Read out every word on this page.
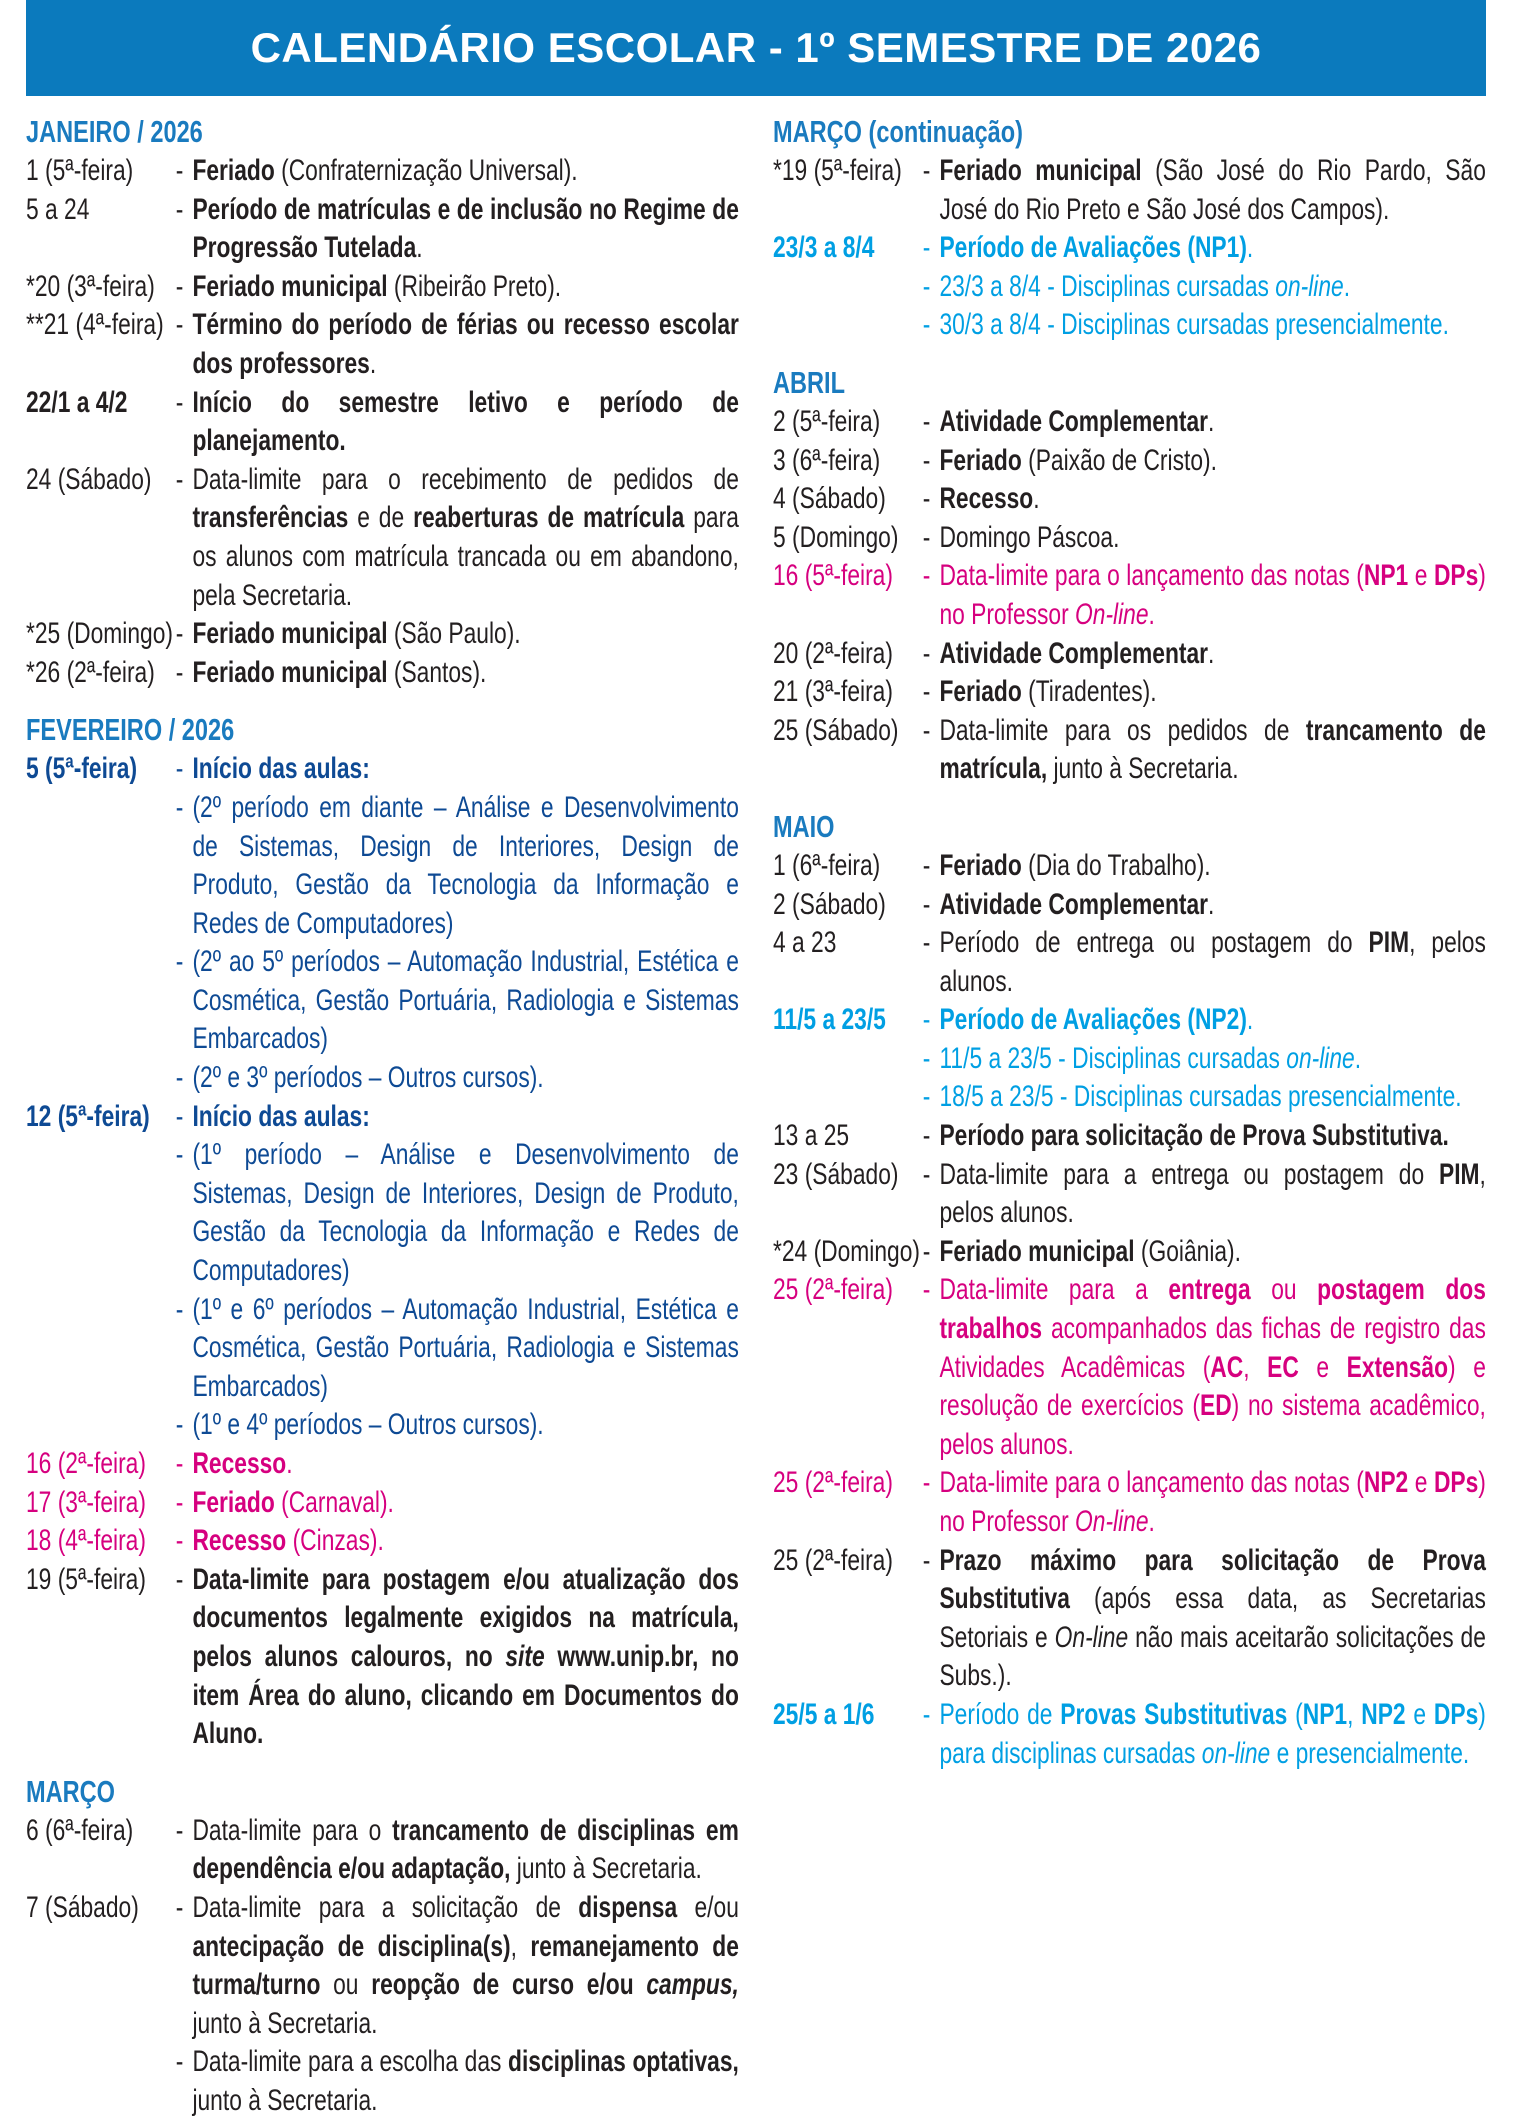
CALENDÁRIO ESCOLAR - 1º SEMESTRE DE 2026
JANEIRO / 2026
1 (5ª-feira)	- Feriado (Confraternização Universal).
5 a 24	- Período de matrículas e de inclusão no Regime de Progressão Tutelada.
*20 (3ª-feira) - Feriado municipal (Ribeirão Preto).
**21 (4ª-feira) - Término do período de férias ou recesso escolar dos professores.
22/1 a 4/2	- Início do semestre letivo e período de planejamento.
24 (Sábado) - Data-limite para o recebimento de pedidos de transferências e de reaberturas de matrícula para os alunos com matrícula trancada ou em abandono, pela Secretaria.
*25 (Domingo) - Feriado municipal (São Paulo).
*26 (2ª-feira) - Feriado municipal (Santos).
FEVEREIRO / 2026
5 (5ª-feira)	- Início das aulas:
- (2º período em diante – Análise e Desenvolvimento de Sistemas, Design de Interiores, Design de Produto, Gestão da Tecnologia da Informação e Redes de Computadores)
- (2º ao 5º períodos – Automação Industrial, Estética e Cosmética, Gestão Portuária, Radiologia e Sistemas Embarcados)
- (2º e 3º períodos – Outros cursos).
12 (5ª-feira) - Início das aulas:
- (1º período – Análise e Desenvolvimento de Sistemas, Design de Interiores, Design de Produto, Gestão da Tecnologia da Informação e Redes de Computadores)
- (1º e 6º períodos – Automação Industrial, Estética e Cosmética, Gestão Portuária, Radiologia e Sistemas Embarcados)
- (1º e 4º períodos – Outros cursos).
16 (2ª-feira) - Recesso.
17 (3ª-feira) - Feriado (Carnaval).
18 (4ª-feira) - Recesso (Cinzas).
19 (5ª-feira) - Data-limite para postagem e/ou atualização dos documentos legalmente exigidos na matrícula, pelos alunos calouros, no site www.unip.br, no item Área do aluno, clicando em Documentos do Aluno.
MARÇO
6 (6ª-feira)	- Data-limite para o trancamento de disciplinas em dependência e/ou adaptação, junto à Secretaria.
7 (Sábado)	- Data-limite para a solicitação de dispensa e/ou antecipação de disciplina(s), remanejamento de turma/turno ou reopção de curso e/ou campus, junto à Secretaria.
- Data-limite para a escolha das disciplinas optativas, junto à Secretaria.
MARÇO (continuação)
*19 (5ª-feira) - Feriado municipal (São José do Rio Pardo, São José do Rio Preto e São José dos Campos).
23/3 a 8/4	- Período de Avaliações (NP1).
- 23/3 a 8/4 - Disciplinas cursadas on-line.
- 30/3 a 8/4 - Disciplinas cursadas presencialmente.
ABRIL
2 (5ª-feira)	- Atividade Complementar.
3 (6ª-feira)	- Feriado (Paixão de Cristo).
4 (Sábado)	- Recesso.
5 (Domingo) - Domingo Páscoa.
16 (5ª-feira) - Data-limite para o lançamento das notas (NP1 e DPs) no Professor On-line.
20 (2ª-feira) - Atividade Complementar.
21 (3ª-feira) - Feriado (Tiradentes).
25 (Sábado) - Data-limite para os pedidos de trancamento de matrícula, junto à Secretaria.
MAIO
1 (6ª-feira)	- Feriado (Dia do Trabalho).
2 (Sábado)	- Atividade Complementar.
4 a 23	- Período de entrega ou postagem do PIM, pelos alunos.
11/5 a 23/5	- Período de Avaliações (NP2).
- 11/5 a 23/5 - Disciplinas cursadas on-line.
- 18/5 a 23/5 - Disciplinas cursadas presencialmente.
13 a 25	- Período para solicitação de Prova Substitutiva.
23 (Sábado) - Data-limite para a entrega ou postagem do PIM, pelos alunos.
*24 (Domingo) - Feriado municipal (Goiânia).
25 (2ª-feira) - Data-limite para a entrega ou postagem dos trabalhos acompanhados das fichas de registro das Atividades Acadêmicas (AC, EC e Extensão) e resolução de exercícios (ED) no sistema acadêmico, pelos alunos.
25 (2ª-feira) - Data-limite para o lançamento das notas (NP2 e DPs) no Professor On-line.
25 (2ª-feira) - Prazo máximo para solicitação de Prova Substitutiva (após essa data, as Secretarias Setoriais e On-line não mais aceitarão solicitações de Subs.).
25/5 a 1/6	- Período de Provas Substitutivas (NP1, NP2 e DPs) para disciplinas cursadas on-line e presencialmente.
